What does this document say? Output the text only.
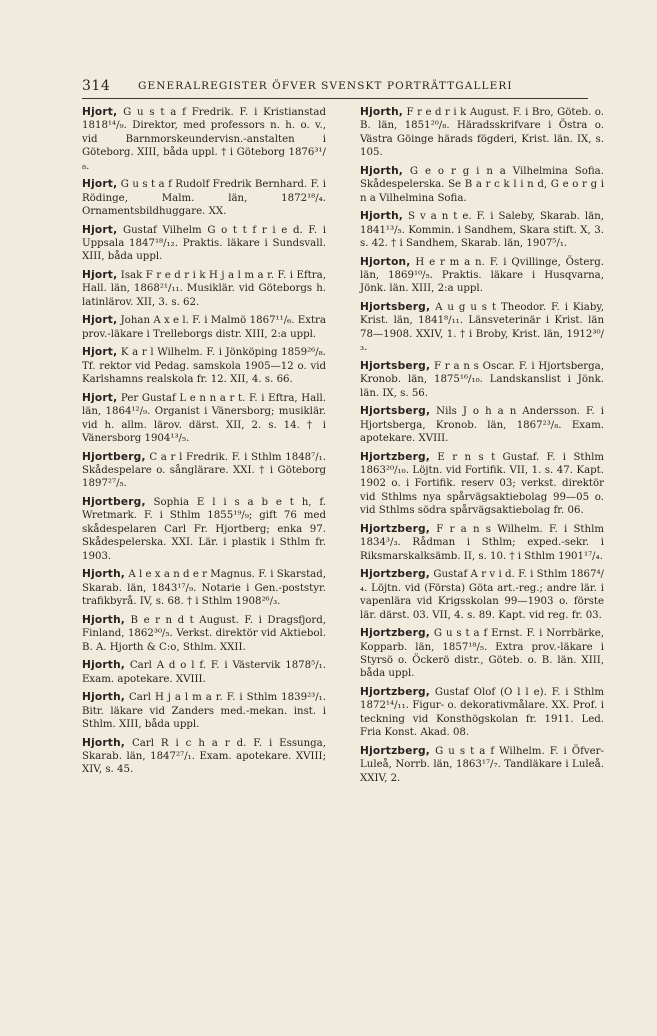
314	GENERALREGISTER ÖFVER SVENSKT PORTRÄTTGALLERI
Hjort, G u s t a f Fredrik. F. i Kristianstad 1818¹⁴/₉. Direktor, med professors n. h. o. v., vid Barnmorskeundervisn.-anstalten i Göteborg. XIII, båda uppl. † i Göteborg 1876³¹/₈.
Hjort, G u s t a f Rudolf Fredrik Bernhard. F. i Rödinge, Malm. län, 1872¹⁸/₄. Ornamentsbildhuggare. XX.
Hjort, Gustaf Vilhelm G o t t f r i e d. F. i Uppsala 1847¹⁸/₁₂. Praktis. läkare i Sundsvall. XIII, båda uppl.
Hjort, Isak F r e d r i k H j a l m a r. F. i Eftra, Hall. län, 1868²¹/₁₁. Musiklär. vid Göteborgs h. latinlärov. XII, 3. s. 62.
Hjort, Johan A x e l. F. i Malmö 1867¹¹/₆. Extra prov.-läkare i Trelleborgs distr. XIII, 2:a uppl.
Hjort, K a r l Wilhelm. F. i Jönköping 1859²⁶/₈. Tf. rektor vid Pedag. samskola 1905—12 o. vid Karlshamns realskola fr. 12. XII, 4. s. 66.
Hjort, Per Gustaf L e n n a r t. F. i Eftra, Hall. län, 1864¹²/₉. Organist i Vänersborg; musiklär. vid h. allm. lärov. därst. XII, 2. s. 14. † i Vänersborg 1904¹³/₅.
Hjortberg, C a r l Fredrik. F. i Sthlm 1848⁷/₁. Skådespelare o. sånglärare. XXI. † i Göteborg 1897²⁷/₅.
Hjortberg, Sophia E l i s a b e t h, f. Wretmark. F. i Sthlm 1855¹⁹/₉; gift 76 med skådespelaren Carl Fr. Hjortberg; enka 97. Skådespelerska. XXI. Lär. i plastik i Sthlm fr. 1903.
Hjorth, A l e x a n d e r Magnus. F. i Skarstad, Skarab. län, 1843¹⁷/₉. Notarie i Gen.-poststyr. trafikbyrå. IV, s. 68. † i Sthlm 1908²⁶/₃.
Hjorth, B e r n d t August. F. i Dragsfjord, Finland, 1862³⁰/₅. Verkst. direktör vid Aktiebol. B. A. Hjorth & C:o, Sthlm. XXII.
Hjorth, Carl A d o l f. F. i Västervik 1878⁵/₁. Exam. apotekare. XVIII.
Hjorth, Carl H j a l m a r. F. i Sthlm 1839²³/₁. Bitr. läkare vid Zanders med.-mekan. inst. i Sthlm. XIII, båda uppl.
Hjorth, Carl R i c h a r d. F. i Essunga, Skarab. län, 1847²⁷/₁. Exam. apotekare. XVIII; XIV, s. 45.
Hjorth, F r e d r i k August. F. i Bro, Göteb. o. B. län, 1851²⁰/₈. Häradsskrifvare i Östra o. Västra Göinge härads fögderi, Krist. län. IX, s. 105.
Hjorth, G e o r g i n a Vilhelmina Sofia. Skådespelerska. Se B a r c k l i n d, G e o r g i n a Vilhelmina Sofia.
Hjorth, S v a n t e. F. i Saleby, Skarab. län, 1841¹³/₅. Kommin. i Sandhem, Skara stift. X, 3. s. 42. † i Sandhem, Skarab. län, 1907⁵/₁.
Hjorton, H e r m a n. F. i Qvillinge, Österg. län, 1869¹⁰/₅. Praktis. läkare i Husqvarna, Jönk. län. XIII, 2:a uppl.
Hjortsberg, A u g u s t Theodor. F. i Kiaby, Krist. län, 1841⁸/₁₁. Länsveterinär i Krist. län 78—1908. XXIV, 1. † i Broby, Krist. län, 1912³⁰/₃.
Hjortsberg, F r a n s Oscar. F. i Hjortsberga, Kronob. län, 1875¹⁶/₁₀. Landskanslist i Jönk. län. IX, s. 56.
Hjortsberg, Nils J o h a n Andersson. F. i Hjortsberga, Kronob. län, 1867²³/₈. Exam. apotekare. XVIII.
Hjortzberg, E r n s t Gustaf. F. i Sthlm 1863²⁰/₁₀. Löjtn. vid Fortifik. VII, 1. s. 47. Kapt. 1902 o. i Fortifik. reserv 03; verkst. direktör vid Sthlms nya spårvägsaktiebolag 99—05 o. vid Sthlms södra spårvägsaktiebolag fr. 06.
Hjortzberg, F r a n s Wilhelm. F. i Sthlm 1834³/₃. Rådman i Sthlm; exped.-sekr. i Riksmarskalksämb. II, s. 10. † i Sthlm 1901¹⁷/₄.
Hjortzberg, Gustaf A r v i d. F. i Sthlm 1867⁴/₄. Löjtn. vid (Första) Göta art.-reg.; andre lär. i vapenlära vid Krigsskolan 99—1903 o. förste lär. därst. 03. VII, 4. s. 89. Kapt. vid reg. fr. 03.
Hjortzberg, G u s t a f Ernst. F. i Norrbärke, Kopparb. län, 1857¹⁸/₅. Extra prov.-läkare i Styrsö o. Öckerö distr., Göteb. o. B. län. XIII, båda uppl.
Hjortzberg, Gustaf Olof (O l l e). F. i Sthlm 1872¹⁴/₁₁. Figur- o. dekorativmålare. XX. Prof. i teckning vid Konsthögskolan fr. 1911. Led. Fria Konst. Akad. 08.
Hjortzberg, G u s t a f Wilhelm. F. i Öfver-Luleå, Norrb. län, 1863¹⁷/₇. Tandläkare i Luleå. XXIV, 2.
